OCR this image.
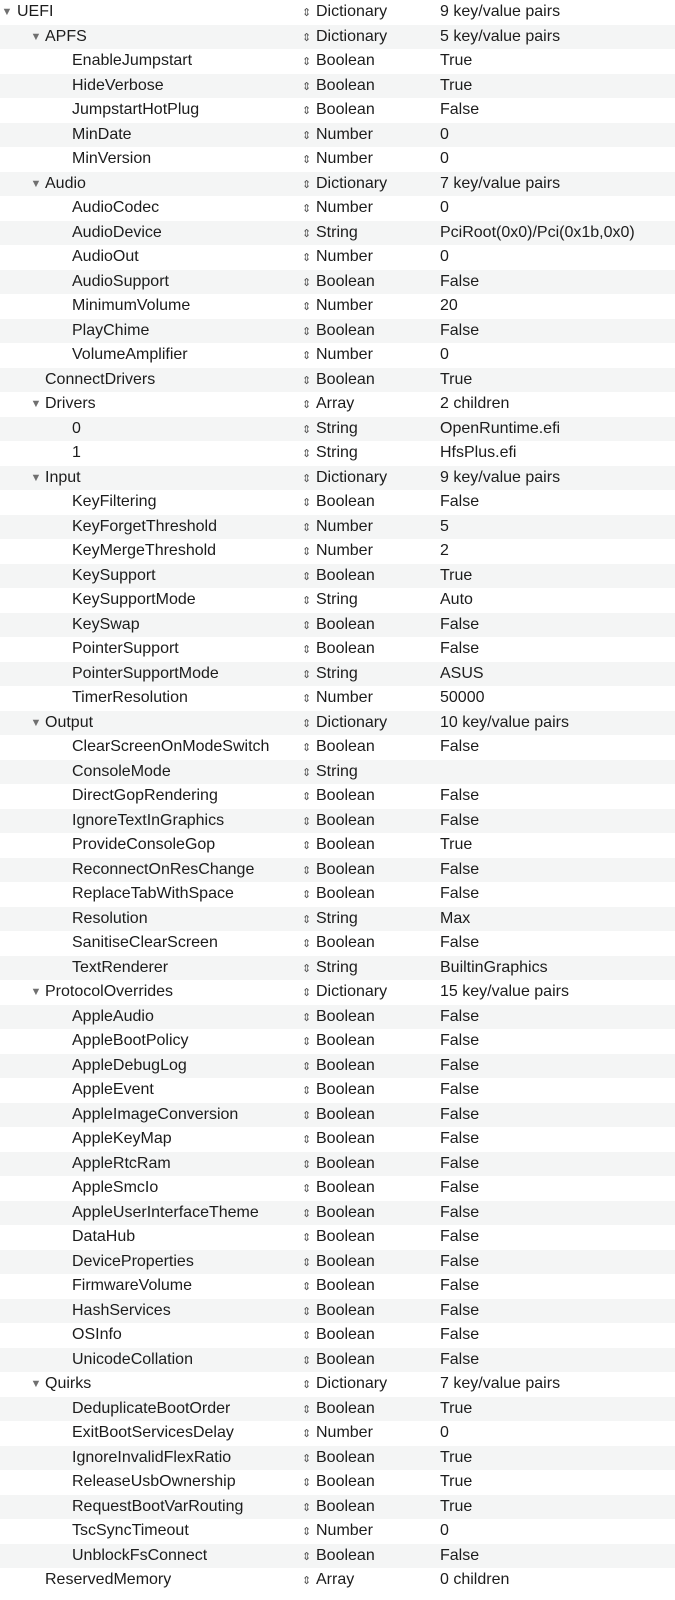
▼ UEFI	⇕ Dictionary	9 key/value pairs
▼ APFS	⇕ Dictionary	5 key/value pairs
EnableJumpstart	⇕ Boolean	True
HideVerbose	⇕ Boolean	True
JumpstartHotPlug	⇕ Boolean	False
MinDate	⇕ Number	0
MinVersion	⇕ Number	0
▼ Audio	⇕ Dictionary	7 key/value pairs
AudioCodec	⇕ Number	0
AudioDevice	⇕ String	PciRoot(0x0)/Pci(0x1b,0x0)
AudioOut	⇕ Number	0
AudioSupport	⇕ Boolean	False
MinimumVolume	⇕ Number	20
PlayChime	⇕ Boolean	False
VolumeAmplifier	⇕ Number	0
ConnectDrivers	⇕ Boolean	True
▼ Drivers	⇕ Array	2 children
0	⇕ String	OpenRuntime.efi
1	⇕ String	HfsPlus.efi
▼ Input	⇕ Dictionary	9 key/value pairs
KeyFiltering	⇕ Boolean	False
KeyForgetThreshold	⇕ Number	5
KeyMergeThreshold	⇕ Number	2
KeySupport	⇕ Boolean	True
KeySupportMode	⇕ String	Auto
KeySwap	⇕ Boolean	False
PointerSupport	⇕ Boolean	False
PointerSupportMode	⇕ String	ASUS
TimerResolution	⇕ Number	50000
▼ Output	⇕ Dictionary	10 key/value pairs
ClearScreenOnModeSwitch	⇕ Boolean	False
ConsoleMode	⇕ String
DirectGopRendering	⇕ Boolean	False
IgnoreTextInGraphics	⇕ Boolean	False
ProvideConsoleGop	⇕ Boolean	True
ReconnectOnResChange	⇕ Boolean	False
ReplaceTabWithSpace	⇕ Boolean	False
Resolution	⇕ String	Max
SanitiseClearScreen	⇕ Boolean	False
TextRenderer	⇕ String	BuiltinGraphics
▼ ProtocolOverrides	⇕ Dictionary	15 key/value pairs
AppleAudio	⇕ Boolean	False
AppleBootPolicy	⇕ Boolean	False
AppleDebugLog	⇕ Boolean	False
AppleEvent	⇕ Boolean	False
AppleImageConversion	⇕ Boolean	False
AppleKeyMap	⇕ Boolean	False
AppleRtcRam	⇕ Boolean	False
AppleSmcIo	⇕ Boolean	False
AppleUserInterfaceTheme	⇕ Boolean	False
DataHub	⇕ Boolean	False
DeviceProperties	⇕ Boolean	False
FirmwareVolume	⇕ Boolean	False
HashServices	⇕ Boolean	False
OSInfo	⇕ Boolean	False
UnicodeCollation	⇕ Boolean	False
▼ Quirks	⇕ Dictionary	7 key/value pairs
DeduplicateBootOrder	⇕ Boolean	True
ExitBootServicesDelay	⇕ Number	0
IgnoreInvalidFlexRatio	⇕ Boolean	True
ReleaseUsbOwnership	⇕ Boolean	True
RequestBootVarRouting	⇕ Boolean	True
TscSyncTimeout	⇕ Number	0
UnblockFsConnect	⇕ Boolean	False
ReservedMemory	⇕ Array	0 children
